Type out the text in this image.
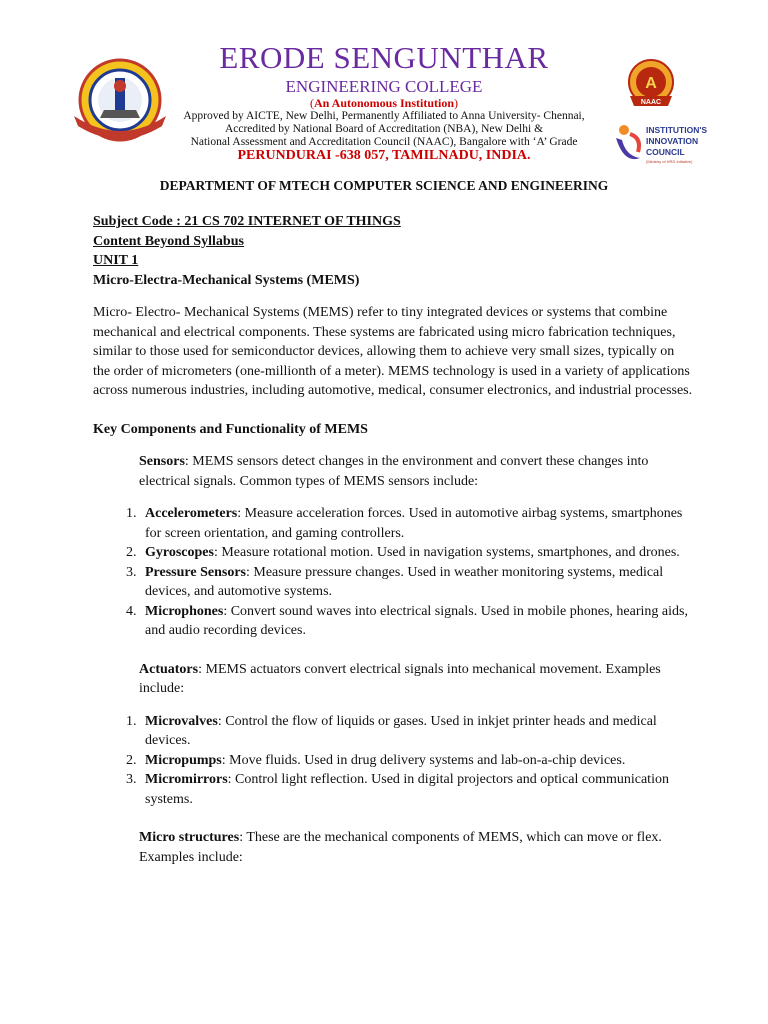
A
NAAC
INSTITUTION'S
INNOVATION
COUNCIL
(Ministry of HRD Initiative)
ERODE SENGUNTHAR
ENGINEERING COLLEGE
(An Autonomous Institution)
Approved by AICTE, New Delhi, Permanently Affiliated to Anna University- Chennai,
Accredited by National Board of Accreditation (NBA), New Delhi &
National Assessment and Accreditation Council (NAAC), Bangalore with ‘A’ Grade
PERUNDURAI -638 057, TAMILNADU, INDIA.
DEPARTMENT OF MTECH COMPUTER SCIENCE AND ENGINEERING

Subject Code : 21 CS 702 INTERNET OF THINGS

Content Beyond Syllabus

UNIT 1

Micro-Electra-Mechanical Systems (MEMS)

Micro- Electro- Mechanical Systems (MEMS) refer to tiny integrated devices or systems that combine mechanical and electrical components. These systems are fabricated using micro fabrication techniques, similar to those used for semiconductor devices, allowing them to achieve very small sizes, typically on the order of micrometers (one-millionth of a meter). MEMS technology is used in a variety of applications across numerous industries, including automotive, medical, consumer electronics, and industrial processes.

Key Components and Functionality of MEMS

Sensors: MEMS sensors detect changes in the environment and convert these changes into electrical signals. Common types of MEMS sensors include:

1. Accelerometers: Measure acceleration forces. Used in automotive airbag systems, smartphones for screen orientation, and gaming controllers.
2. Gyroscopes: Measure rotational motion. Used in navigation systems, smartphones, and drones.
3. Pressure Sensors: Measure pressure changes. Used in weather monitoring systems, medical devices, and automotive systems.
4. Microphones: Convert sound waves into electrical signals. Used in mobile phones, hearing aids, and audio recording devices.

Actuators: MEMS actuators convert electrical signals into mechanical movement. Examples include:

1. Microvalves: Control the flow of liquids or gases. Used in inkjet printer heads and medical devices.
2. Micropumps: Move fluids. Used in drug delivery systems and lab-on-a-chip devices.
3. Micromirrors: Control light reflection. Used in digital projectors and optical communication systems.

Micro structures: These are the mechanical components of MEMS, which can move or flex. Examples include:
